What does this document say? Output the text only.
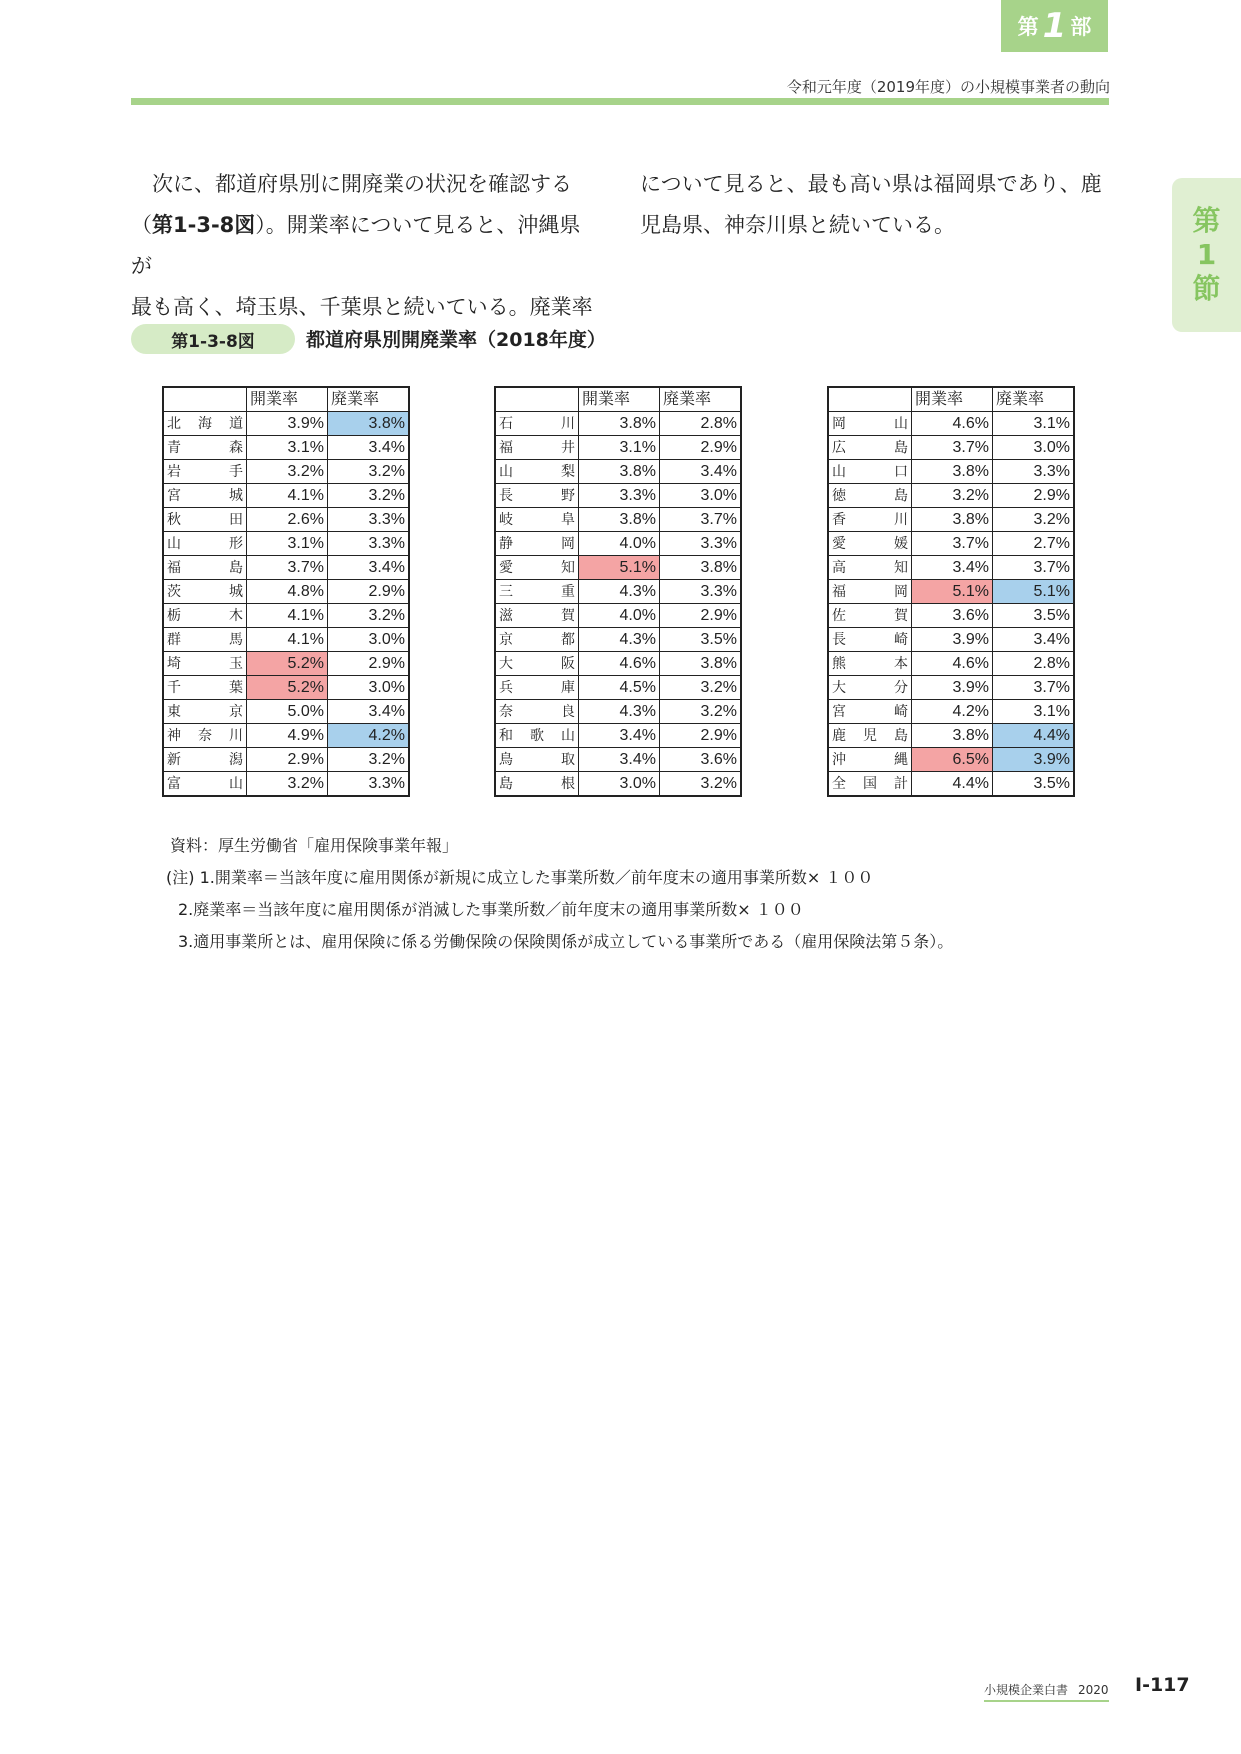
第 1 部
令和元年度（2019年度）の小規模事業者の動向
第
1
節
　次に、都道府県別に開廃業の状況を確認する
（第1-3-8図）。開業率について見ると、沖縄県が
最も高く、埼玉県、千葉県と続いている。廃業率
について見ると、最も高い県は福岡県であり、鹿
児島県、神奈川県と続いている。
第1-3-8図	都道府県別開廃業率（2018年度）
	開業率	廃業率

北 海 道	3.9%	3.8%

青 森	3.1%	3.4%

岩 手	3.2%	3.2%

宮 城	4.1%	3.2%

秋 田	2.6%	3.3%

山 形	3.1%	3.3%

福 島	3.7%	3.4%

茨 城	4.8%	2.9%

栃 木	4.1%	3.2%

群 馬	4.1%	3.0%

埼 玉	5.2%	2.9%

千 葉	5.2%	3.0%

東 京	5.0%	3.4%

神 奈 川	4.9%	4.2%

新 潟	2.9%	3.2%

富 山	3.2%	3.3%
	開業率	廃業率

石 川	3.8%	2.8%

福 井	3.1%	2.9%

山 梨	3.8%	3.4%

長 野	3.3%	3.0%

岐 阜	3.8%	3.7%

静 岡	4.0%	3.3%

愛 知	5.1%	3.8%

三 重	4.3%	3.3%

滋 賀	4.0%	2.9%

京 都	4.3%	3.5%

大 阪	4.6%	3.8%

兵 庫	4.5%	3.2%

奈 良	4.3%	3.2%

和 歌 山	3.4%	2.9%

鳥 取	3.4%	3.6%

島 根	3.0%	3.2%
	開業率	廃業率

岡 山	4.6%	3.1%

広 島	3.7%	3.0%

山 口	3.8%	3.3%

徳 島	3.2%	2.9%

香 川	3.8%	3.2%

愛 媛	3.7%	2.7%

高 知	3.4%	3.7%

福 岡	5.1%	5.1%

佐 賀	3.6%	3.5%

長 崎	3.9%	3.4%

熊 本	4.6%	2.8%

大 分	3.9%	3.7%

宮 崎	4.2%	3.1%

鹿 児 島	3.8%	4.4%

沖 縄	6.5%	3.9%

全 国 計	4.4%	3.5%
資料：厚生労働省「雇用保険事業年報」
(注) 1.開業率＝当該年度に雇用関係が新規に成立した事業所数／前年度末の適用事業所数× １００
2.廃業率＝当該年度に雇用関係が消滅した事業所数／前年度末の適用事業所数× １００
3.適用事業所とは、雇用保険に係る労働保険の保険関係が成立している事業所である（雇用保険法第５条）。
小規模企業白書 2020 Ⅰ-117
